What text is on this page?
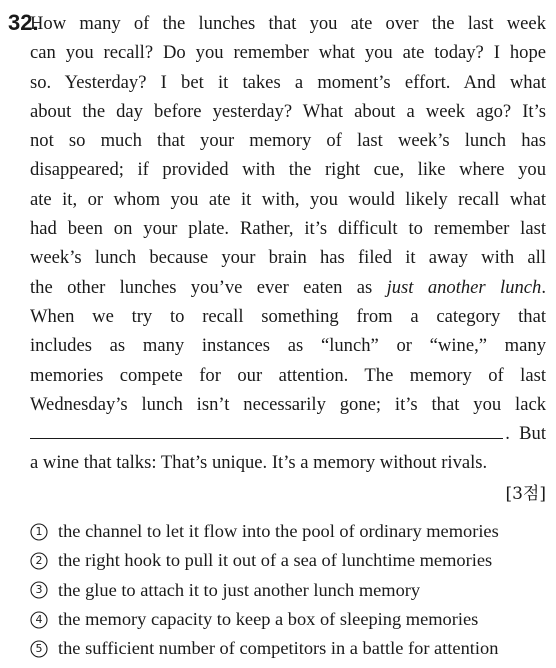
32.
How many of the lunches that you ate over the last week
can you recall? Do you remember what you ate today? I hope
so. Yesterday? I bet it takes a moment’s effort. And what
about the day before yesterday? What about a week ago? It’s
not so much that your memory of last week’s lunch has
disappeared; if provided with the right cue, like where you
ate it, or whom you ate it with, you would likely recall what
had been on your plate. Rather, it’s difficult to remember last
week’s lunch because your brain has filed it away with all
the other lunches you’ve ever eaten as just another lunch.
When we try to recall something from a category that
includes as many instances as “lunch” or “wine,” many
memories compete for our attention. The memory of last
Wednesday’s lunch isn’t necessarily gone; it’s that you lack
.  But
a wine that talks: That’s unique. It’s a memory without rivals.
[3점]
1 the channel to let it flow into the pool of ordinary memories
2 the right hook to pull it out of a sea of lunchtime memories
3 the glue to attach it to just another lunch memory
4 the memory capacity to keep a box of sleeping memories
5 the sufficient number of competitors in a battle for attention
